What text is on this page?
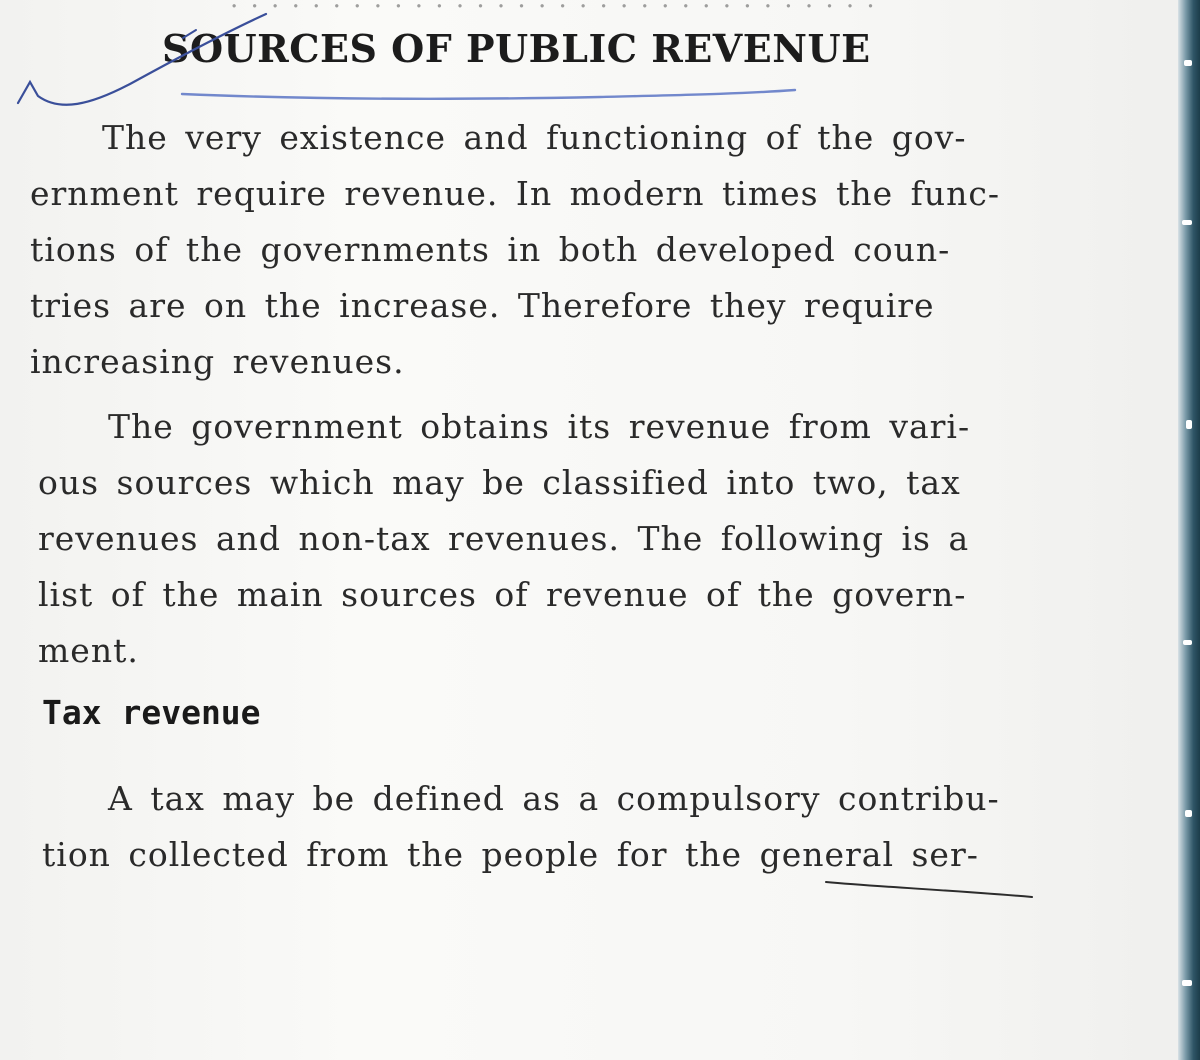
SOURCES OF PUBLIC REVENUE
The very existence and functioning of the gov-
ernment require revenue. In modern times the func-
tions of the governments in both developed coun-
tries are on the increase. Therefore they require
increasing revenues.
The government obtains its revenue from vari-
ous sources which may be classified into two, tax
revenues and non-tax revenues. The following is a
list of the main sources of revenue of the govern-
ment.
Tax revenue
A tax may be defined as a compulsory contribu-
tion collected from the people for the general ser-
